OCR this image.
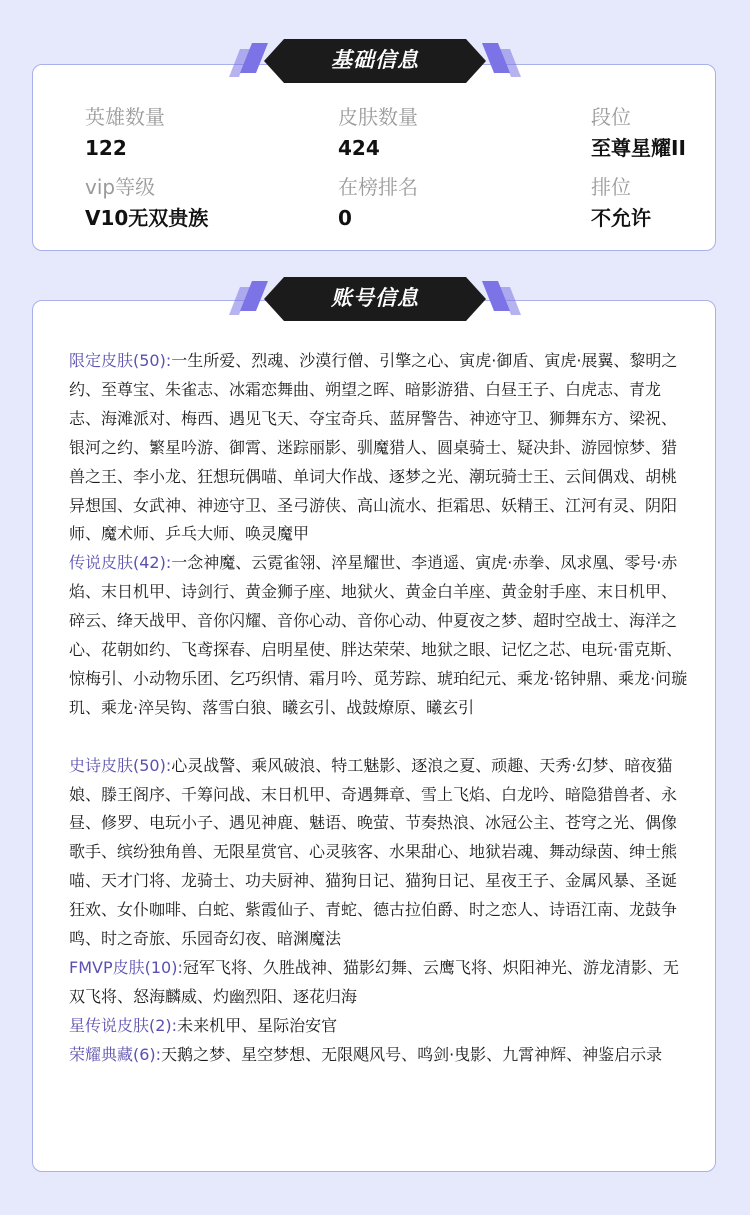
英雄数量
122
皮肤数量
424
段位
至尊星耀II
vip等级
V10无双贵族
在榜排名
0
排位
不允许
基础信息
限定皮肤(50):一生所爱、烈魂、沙漠行僧、引擎之心、寅虎·御盾、寅虎·展翼、黎明之约、至尊宝、朱雀志、冰霜恋舞曲、朔望之晖、暗影游猎、白昼王子、白虎志、青龙志、海滩派对、梅西、遇见飞天、夺宝奇兵、蓝屏警告、神迹守卫、狮舞东方、梁祝、银河之约、繁星吟游、御霄、迷踪丽影、驯魔猎人、圆桌骑士、疑决卦、游园惊梦、猎兽之王、李小龙、狂想玩偶喵、单词大作战、逐梦之光、潮玩骑士王、云间偶戏、胡桃异想国、女武神、神迹守卫、圣弓游侠、高山流水、拒霜思、妖精王、江河有灵、阴阳师、魔术师、乒乓大师、唤灵魔甲
传说皮肤(42):一念神魔、云霓雀翎、淬星耀世、李逍遥、寅虎·赤拳、凤求凰、零号·赤焰、末日机甲、诗剑行、黄金狮子座、地狱火、黄金白羊座、黄金射手座、末日机甲、碎云、绛天战甲、音你闪耀、音你心动、音你心动、仲夏夜之梦、超时空战士、海洋之心、花朝如约、飞鸢探春、启明星使、胖达荣荣、地狱之眼、记忆之芯、电玩·雷克斯、惊梅引、小动物乐团、乞巧织情、霜月吟、觅芳踪、琥珀纪元、乘龙·铭钟鼎、乘龙·问璇玑、乘龙·淬吴钩、落雪白狼、曦玄引、战鼓燎原、曦玄引
史诗皮肤(50):心灵战警、乘风破浪、特工魅影、逐浪之夏、顽趣、天秀·幻梦、暗夜猫娘、滕王阁序、千筹问战、末日机甲、奇遇舞章、雪上飞焰、白龙吟、暗隐猎兽者、永昼、修罗、电玩小子、遇见神鹿、魅语、晚萤、节奏热浪、冰冠公主、苍穹之光、偶像歌手、缤纷独角兽、无限星赏官、心灵骇客、水果甜心、地狱岩魂、舞动绿茵、绅士熊喵、天才门将、龙骑士、功夫厨神、猫狗日记、猫狗日记、星夜王子、金属风暴、圣诞狂欢、女仆咖啡、白蛇、紫霞仙子、青蛇、德古拉伯爵、时之恋人、诗语江南、龙鼓争鸣、时之奇旅、乐园奇幻夜、暗渊魔法
FMVP皮肤(10):冠军飞将、久胜战神、猫影幻舞、云鹰飞将、炽阳神光、游龙清影、无双飞将、怒海麟威、灼幽烈阳、逐花归海
星传说皮肤(2):未来机甲、星际治安官
荣耀典藏(6):天鹅之梦、星空梦想、无限飓风号、鸣剑·曳影、九霄神辉、神鉴启示录
账号信息
